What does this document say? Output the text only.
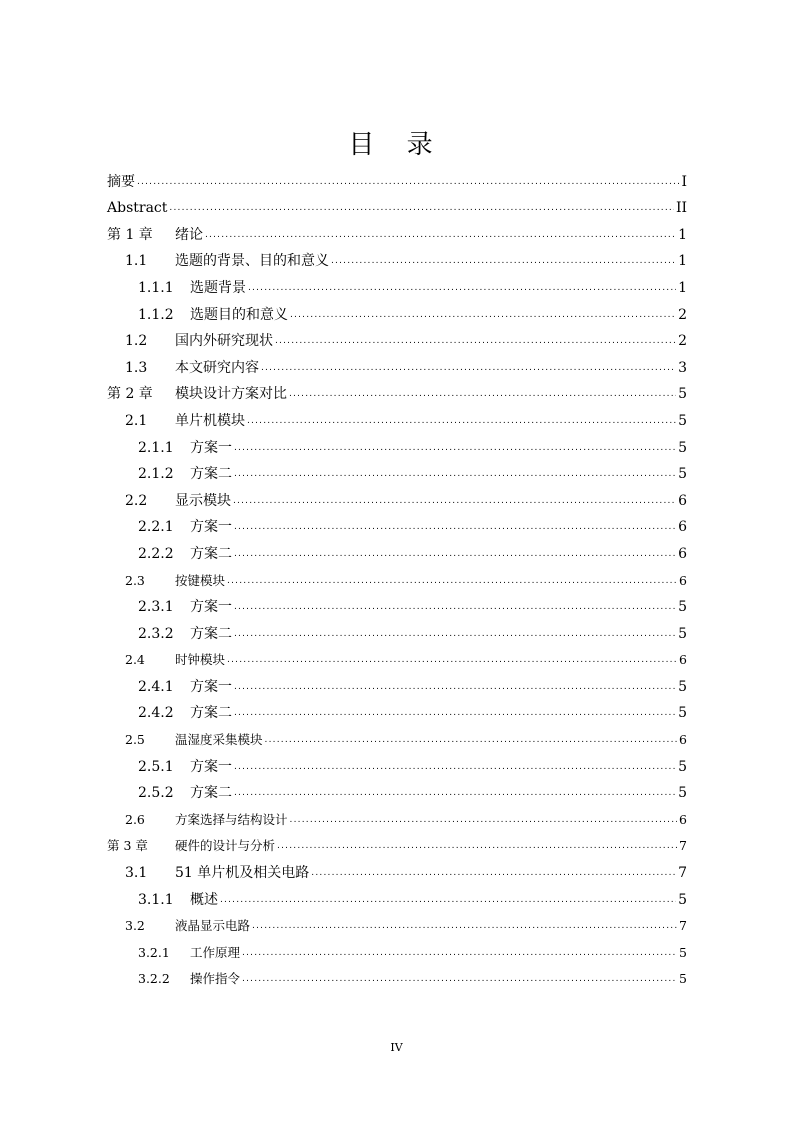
目 录
摘要 .....	I
Abstract .....	II
第 1 章	绪论 .....	1
1.1	选题的背景、目的和意义 .....	1
1.1.1	选题背景 .....	1
1.1.2	选题目的和意义 .....	2
1.2	国内外研究现状 .....	2
1.3	本文研究内容 .....	3
第 2 章	模块设计方案对比 .....	5
2.1	单片机模块 .....	5
2.1.1	方案一 .....	5
2.1.2	方案二 .....	5
2.2	显示模块 .....	6
2.2.1	方案一 .....	6
2.2.2	方案二 .....	6
2.3	按键模块 .....	6
2.3.1	方案一 .....	5
2.3.2	方案二 .....	5
2.4	时钟模块 .....	6
2.4.1	方案一 .....	5
2.4.2	方案二 .....	5
2.5	温湿度采集模块 .....	6
2.5.1	方案一 .....	5
2.5.2	方案二 .....	5
2.6	方案选择与结构设计 .....	6
第 3 章	硬件的设计与分析 .....	7
3.1	51 单片机及相关电路 .....	7
3.1.1	概述 .....	5
3.2	液晶显示电路 .....	7
3.2.1	工作原理 .....	5
3.2.2	操作指令 .....	5
IV
